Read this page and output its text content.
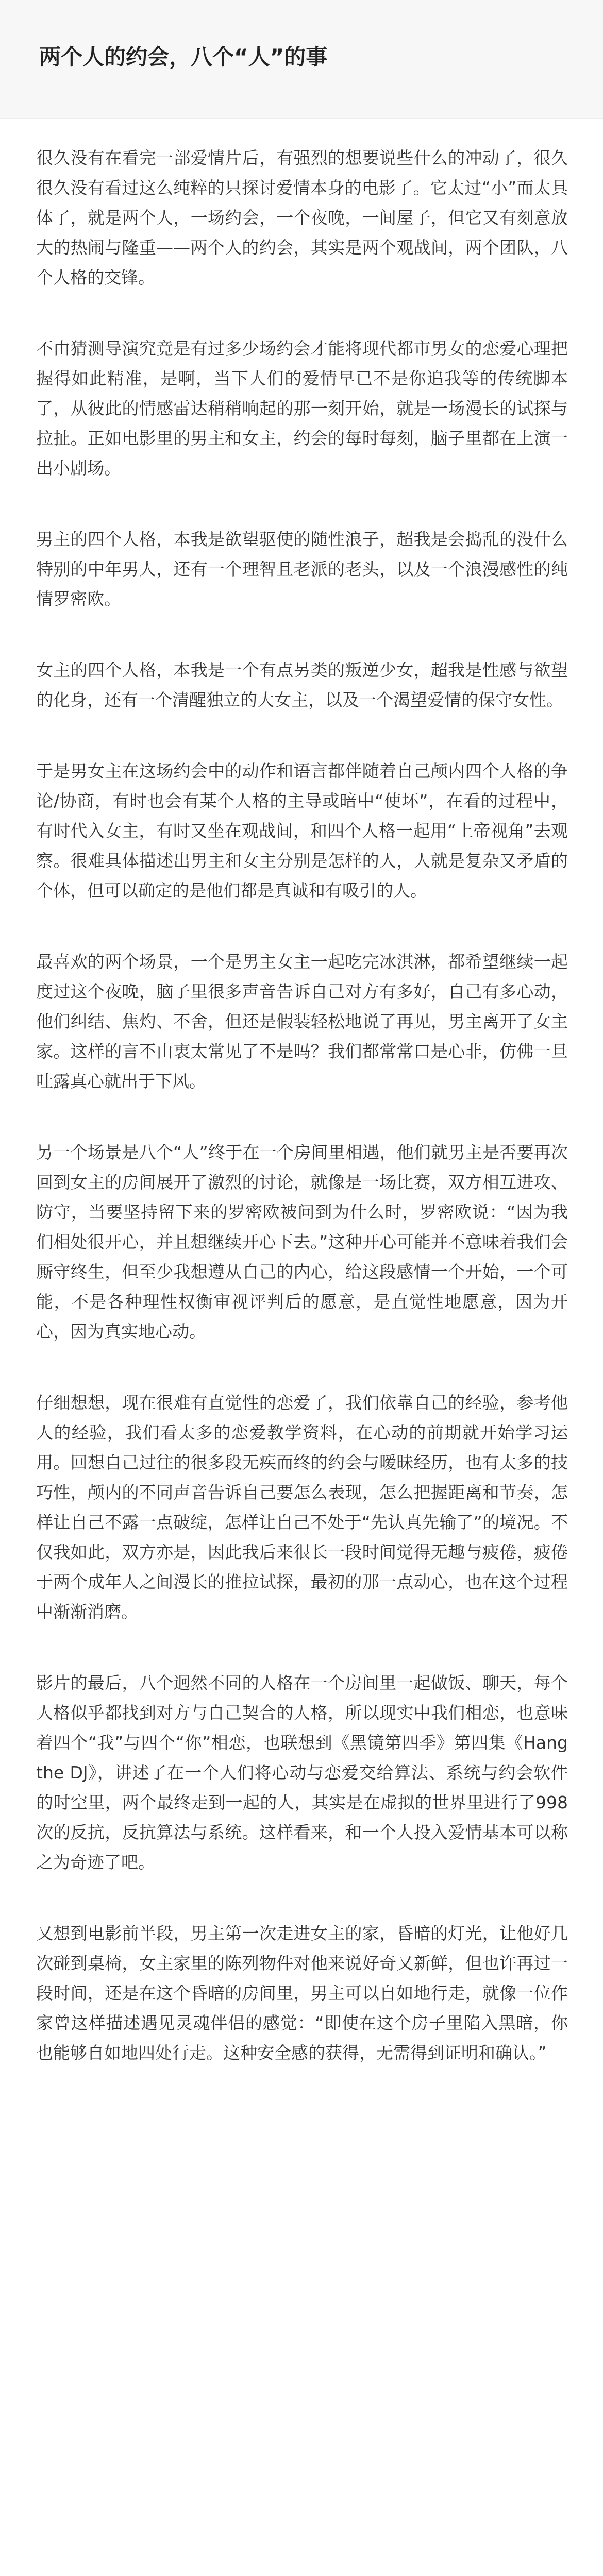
两个人的约会，八个“人”的事

很久没有在看完一部爱情片后，有强烈的想要说些什么的冲动了，很久很久没有看过这么纯粹的只探讨爱情本身的电影了。它太过“小”而太具体了，就是两个人，一场约会，一个夜晚，一间屋子，但它又有刻意放大的热闹与隆重——两个人的约会，其实是两个观战间，两个团队，八个人格的交锋。

不由猜测导演究竟是有过多少场约会才能将现代都市男女的恋爱心理把握得如此精准，是啊，当下人们的爱情早已不是你追我等的传统脚本了，从彼此的情感雷达稍稍响起的那一刻开始，就是一场漫长的试探与拉扯。正如电影里的男主和女主，约会的每时每刻，脑子里都在上演一出小剧场。

男主的四个人格，本我是欲望驱使的随性浪子，超我是会捣乱的没什么特别的中年男人，还有一个理智且老派的老头，以及一个浪漫感性的纯情罗密欧。

女主的四个人格，本我是一个有点另类的叛逆少女，超我是性感与欲望的化身，还有一个清醒独立的大女主，以及一个渴望爱情的保守女性。

于是男女主在这场约会中的动作和语言都伴随着自己颅内四个人格的争论/协商，有时也会有某个人格的主导或暗中“使坏”，在看的过程中，有时代入女主，有时又坐在观战间，和四个人格一起用“上帝视角”去观察。很难具体描述出男主和女主分别是怎样的人，人就是复杂又矛盾的个体，但可以确定的是他们都是真诚和有吸引的人。

最喜欢的两个场景，一个是男主女主一起吃完冰淇淋，都希望继续一起度过这个夜晚，脑子里很多声音告诉自己对方有多好，自己有多心动，他们纠结、焦灼、不舍，但还是假装轻松地说了再见，男主离开了女主家。这样的言不由衷太常见了不是吗？我们都常常口是心非，仿佛一旦吐露真心就出于下风。

另一个场景是八个“人”终于在一个房间里相遇，他们就男主是否要再次回到女主的房间展开了激烈的讨论，就像是一场比赛，双方相互进攻、防守，当要坚持留下来的罗密欧被问到为什么时，罗密欧说：“因为我们相处很开心，并且想继续开心下去。”这种开心可能并不意味着我们会厮守终生，但至少我想遵从自己的内心，给这段感情一个开始，一个可能，不是各种理性权衡审视评判后的愿意，是直觉性地愿意，因为开心，因为真实地心动。

仔细想想，现在很难有直觉性的恋爱了，我们依靠自己的经验，参考他人的经验，我们看太多的恋爱教学资料，在心动的前期就开始学习运用。回想自己过往的很多段无疾而终的约会与暧昧经历，也有太多的技巧性，颅内的不同声音告诉自己要怎么表现，怎么把握距离和节奏，怎样让自己不露一点破绽，怎样让自己不处于“先认真先输了”的境况。不仅我如此，双方亦是，因此我后来很长一段时间觉得无趣与疲倦，疲倦于两个成年人之间漫长的推拉试探，最初的那一点动心，也在这个过程中渐渐消磨。

影片的最后，八个迥然不同的人格在一个房间里一起做饭、聊天，每个人格似乎都找到对方与自己契合的人格，所以现实中我们相恋，也意味着四个“我”与四个“你”相恋，也联想到《黑镜第四季》第四集《Hang the DJ》，讲述了在一个人们将心动与恋爱交给算法、系统与约会软件的时空里，两个最终走到一起的人，其实是在虚拟的世界里进行了998次的反抗，反抗算法与系统。这样看来，和一个人投入爱情基本可以称之为奇迹了吧。

又想到电影前半段，男主第一次走进女主的家，昏暗的灯光，让他好几次碰到桌椅，女主家里的陈列物件对他来说好奇又新鲜，但也许再过一段时间，还是在这个昏暗的房间里，男主可以自如地行走，就像一位作家曾这样描述遇见灵魂伴侣的感觉：“即使在这个房子里陷入黑暗，你也能够自如地四处行走。这种安全感的获得，无需得到证明和确认。”
